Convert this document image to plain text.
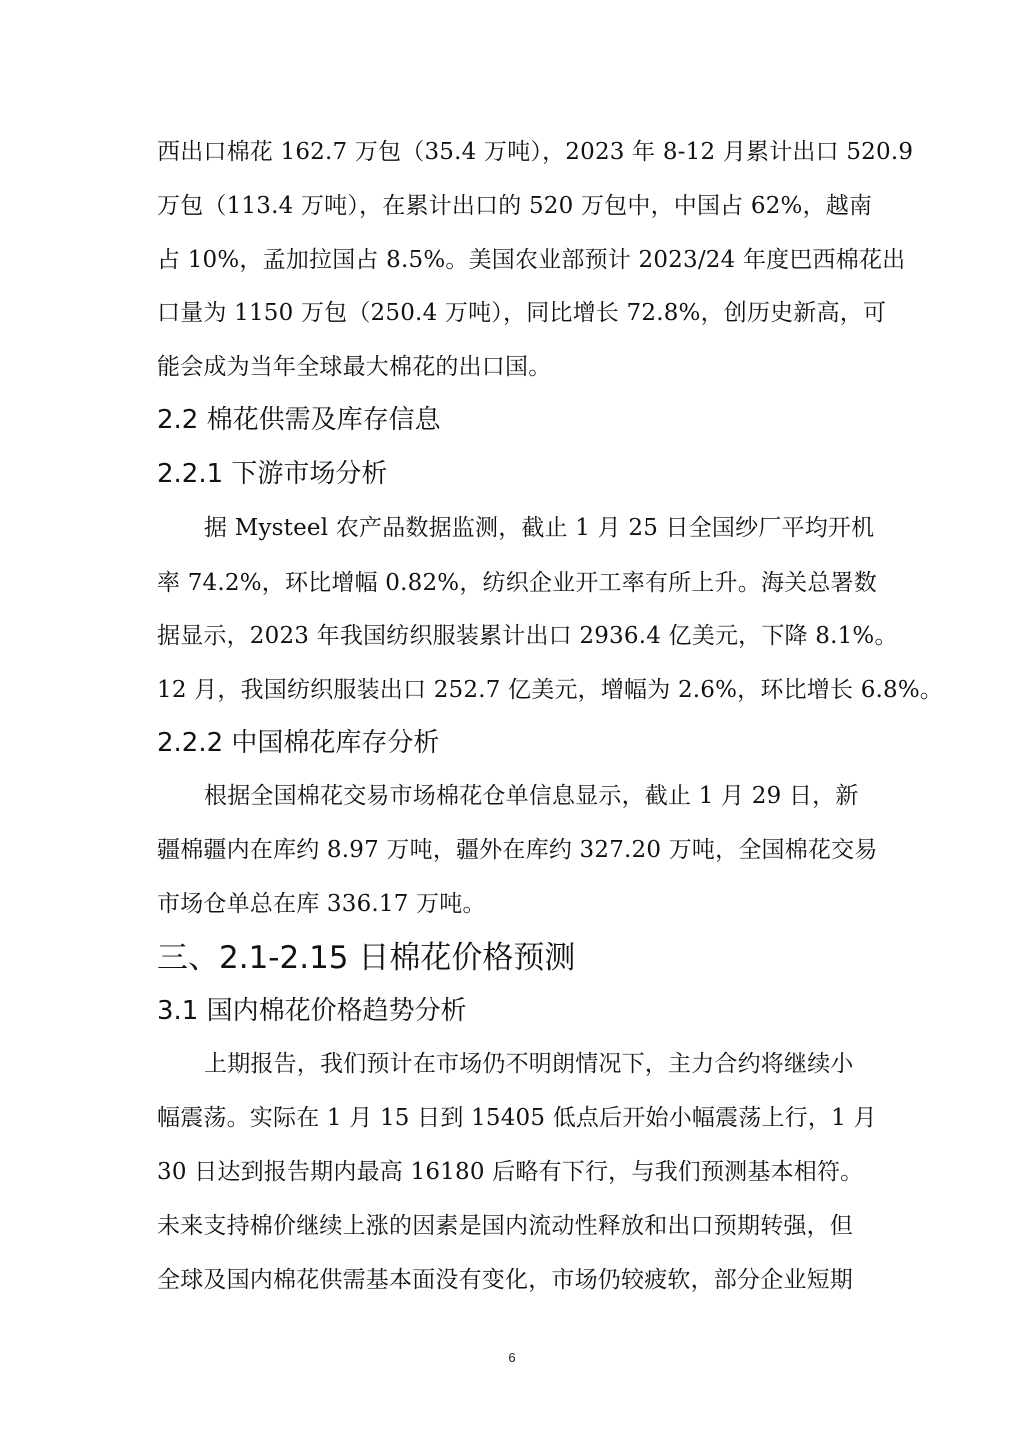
西出口棉花 162.7 万包（35.4 万吨），2023 年 8-12 月累计出口 520.9
万包（113.4 万吨），在累计出口的 520 万包中，中国占 62%，越南
占 10%，孟加拉国占 8.5%。美国农业部预计 2023/24 年度巴西棉花出
口量为 1150 万包（250.4 万吨），同比增长 72.8%，创历史新高，可
能会成为当年全球最大棉花的出口国。
2.2 棉花供需及库存信息
2.2.1 下游市场分析
据 Mysteel 农产品数据监测，截止 1 月 25 日全国纱厂平均开机
率 74.2%，环比增幅 0.82%，纺织企业开工率有所上升。海关总署数
据显示，2023 年我国纺织服装累计出口 2936.4 亿美元，下降 8.1%。
12 月，我国纺织服装出口 252.7 亿美元，增幅为 2.6%，环比增长 6.8%。
2.2.2 中国棉花库存分析
根据全国棉花交易市场棉花仓单信息显示，截止 1 月 29 日，新
疆棉疆内在库约 8.97 万吨，疆外在库约 327.20 万吨，全国棉花交易
市场仓单总在库 336.17 万吨。
三、2.1-2.15 日棉花价格预测
3.1 国内棉花价格趋势分析
上期报告，我们预计在市场仍不明朗情况下，主力合约将继续小
幅震荡。实际在 1 月 15 日到 15405 低点后开始小幅震荡上行，1 月
30 日达到报告期内最高 16180 后略有下行，与我们预测基本相符。
未来支持棉价继续上涨的因素是国内流动性释放和出口预期转强，但
全球及国内棉花供需基本面没有变化，市场仍较疲软，部分企业短期
6
